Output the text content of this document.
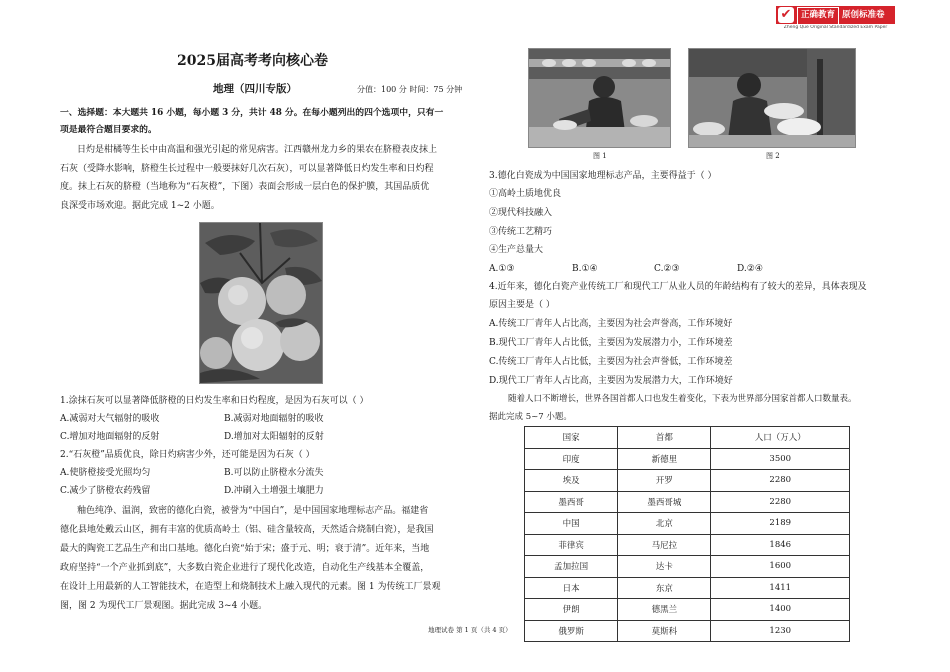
✔	正确教育 原创标准卷
Zheng Que Original Standardized Exam Paper
2025届高考考向核心卷
地理（四川专版）	分值：100 分 时间：75 分钟
一、选择题：本大题共 16 小题，每小题 3 分，共计 48 分。在每小题列出的四个选项中，只有一
项是最符合题目要求的。
日灼是柑橘等生长中由高温和强光引起的常见病害。江西赣州龙力乡的果农在脐橙表皮抹上
石灰（受降水影响，脐橙生长过程中一般要抹好几次石灰），可以显著降低日灼发生率和日灼程
度。抹上石灰的脐橙（当地称为“石灰橙”，下图）表面会形成一层白色的保护膜，其国品质优
良深受市场欢迎。据此完成 1~2 小题。
1.涂抹石灰可以显著降低脐橙的日灼发生率和日灼程度，是因为石灰可以（ ）
A.减弱对大气辐射的吸收	B.减弱对地面辐射的吸收
C.增加对地面辐射的反射	D.增加对太阳辐射的反射
2.“石灰橙”品质优良，除日灼病害少外，还可能是因为石灰（ ）
A.使脐橙接受光照均匀	B.可以防止脐橙水分流失
C.减少了脐橙农药残留	D.冲刷入土增强土壤肥力
釉色纯净、温润，致密的德化白瓷，被誉为“中国白”，是中国国家地理标志产品。福建省
德化县地处戴云山区，拥有丰富的优质高岭土（铝、硅含量较高，天然适合烧制白瓷），是我国
最大的陶瓷工艺品生产和出口基地。德化白瓷“始于宋；盛于元、明；衰于清”。近年来，当地
政府坚持“一个产业抓到底”，大多数白瓷企业进行了现代化改造，自动化生产线基本全覆盖，
在设计上用最新的人工智能技术，在造型上和烧制技术上融入现代的元素。图 1 为传统工厂景观
图，图 2 为现代工厂景观图。据此完成 3~4 小题。
图 1	图 2
3.德化白瓷成为中国国家地理标志产品，主要得益于（ ）
①高岭土质地优良
②现代科技融入
③传统工艺精巧
④生产总量大
A.①③	B.①④	C.②③	D.②④
4.近年来，德化白瓷产业传统工厂和现代工厂从业人员的年龄结构有了较大的差异，具体表现及
原因主要是（ ）
A.传统工厂青年人占比高，主要因为社会声誉高，工作环境好
B.现代工厂青年人占比低，主要因为发展潜力小，工作环境差
C.传统工厂青年人占比低，主要因为社会声誉低，工作环境差
D.现代工厂青年人占比高，主要因为发展潜力大，工作环境好
随着人口不断增长，世界各国首都人口也发生着变化，下表为世界部分国家首都人口数量表。
据此完成 5~7 小题。
国家	首都	人口（万人）
印度	新德里	3500
埃及	开罗	2280
墨西哥	墨西哥城	2280
中国	北京	2189
菲律宾	马尼拉	1846
孟加拉国	达卡	1600
日本	东京	1411
伊朗	德黑兰	1400
俄罗斯	莫斯科	1230
地理试卷 第 1 页（共 4 页）
